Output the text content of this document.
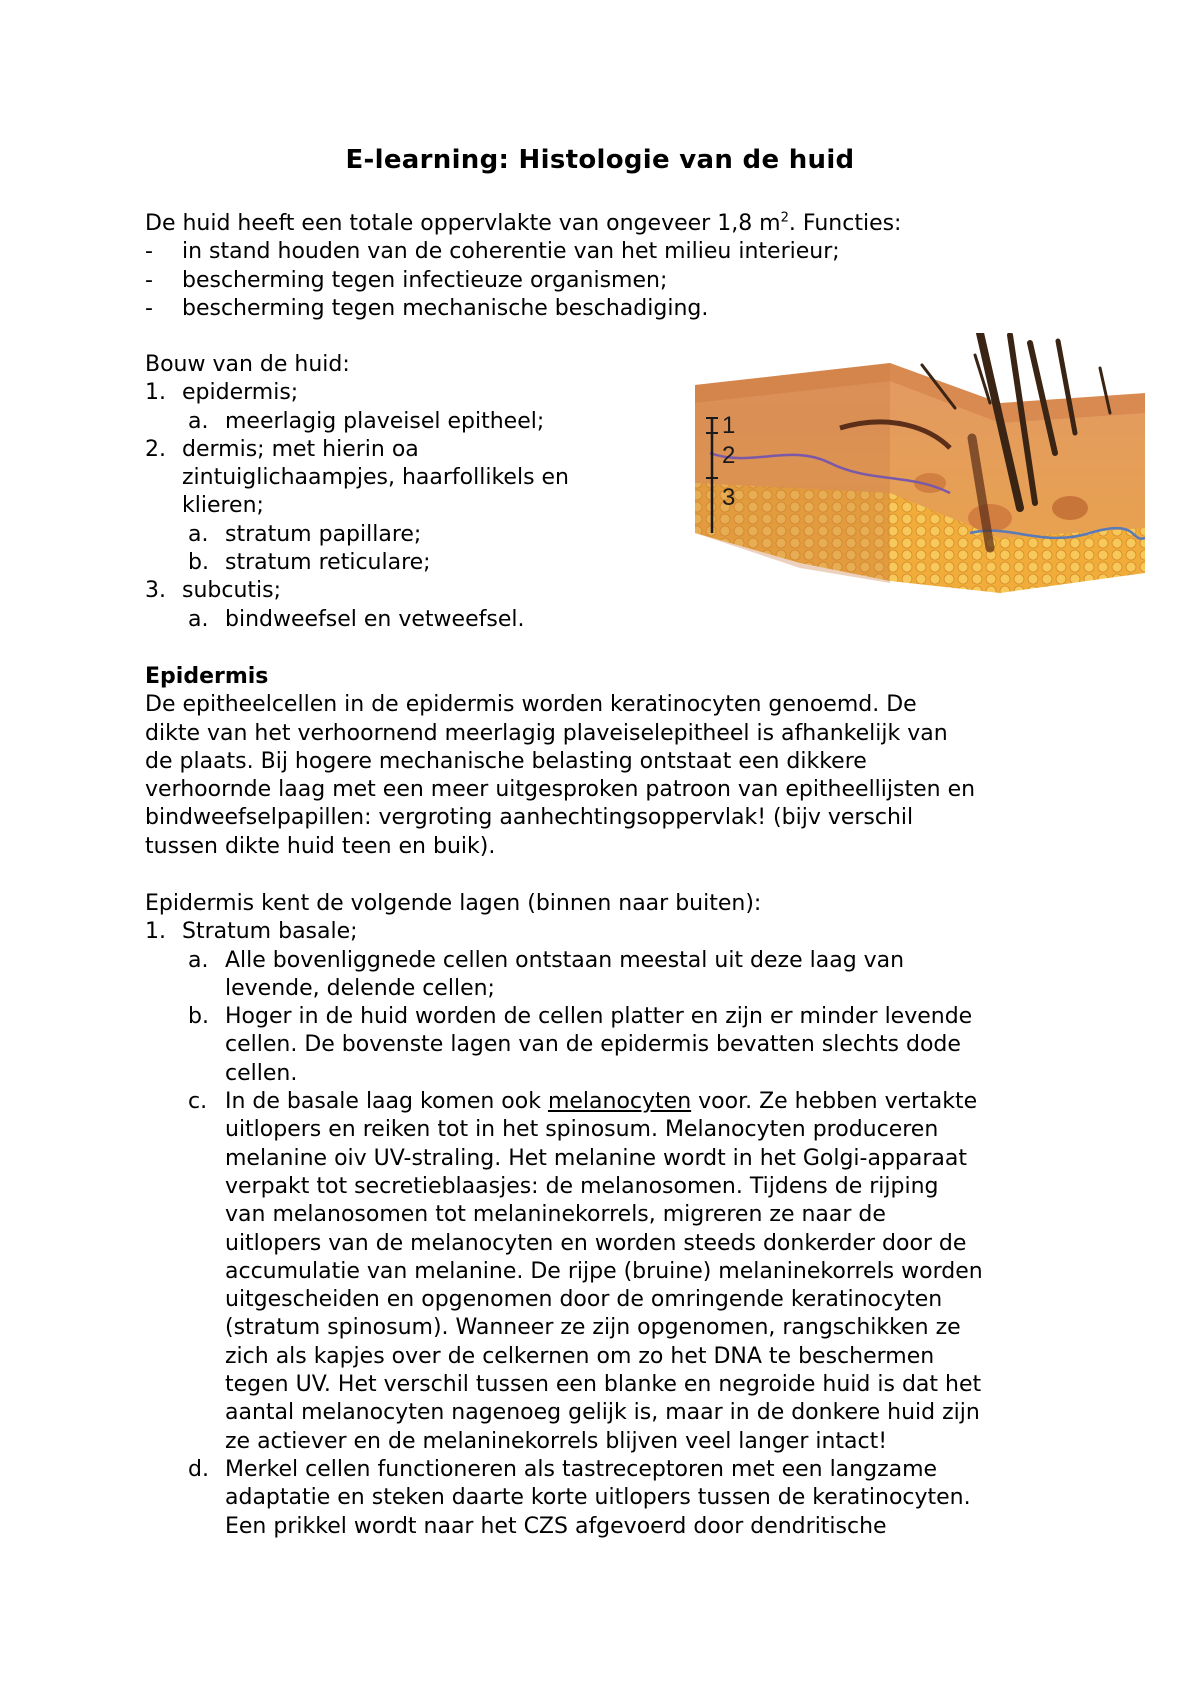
E-learning: Histologie van de huid
De huid heeft een totale oppervlakte van ongeveer 1,8 $m^2$. Functies:
- in stand houden van de coherentie van het milieu interieur;
- bescherming tegen infectieuze organismen;
- bescherming tegen mechanische beschadiging.
Bouw van de huid:
1. epidermis;
a. meerlagig plaveisel epitheel;
2. dermis; met hierin oa
zintuiglichaampjes, haarfollikels en
klieren;
a. stratum papillare;
b. stratum reticulare;
3. subcutis;
a. bindweefsel en vetweefsel.
1
2
3
Epidermis
De epitheelcellen in de epidermis worden keratinocyten genoemd. De
dikte van het verhoornend meerlagig plaveiselepitheel is afhankelijk van
de plaats. Bij hogere mechanische belasting ontstaat een dikkere
verhoornde laag met een meer uitgesproken patroon van epitheellijsten en
bindweefselpapillen: vergroting aanhechtingsoppervlak! (bijv verschil
tussen dikte huid teen en buik).
Epidermis kent de volgende lagen (binnen naar buiten):
1. Stratum basale;
a. Alle bovenliggnede cellen ontstaan meestal uit deze laag van
levende, delende cellen;
b. Hoger in de huid worden de cellen platter en zijn er minder levende
cellen. De bovenste lagen van de epidermis bevatten slechts dode
cellen.
c. In de basale laag komen ook melanocyten voor. Ze hebben vertakte
uitlopers en reiken tot in het spinosum. Melanocyten produceren
melanine oiv UV-straling. Het melanine wordt in het Golgi-apparaat
verpakt tot secretieblaasjes: de melanosomen. Tijdens de rijping
van melanosomen tot melaninekorrels, migreren ze naar de
uitlopers van de melanocyten en worden steeds donkerder door de
accumulatie van melanine. De rijpe (bruine) melaninekorrels worden
uitgescheiden en opgenomen door de omringende keratinocyten
(stratum spinosum). Wanneer ze zijn opgenomen, rangschikken ze
zich als kapjes over de celkernen om zo het DNA te beschermen
tegen UV. Het verschil tussen een blanke en negroide huid is dat het
aantal melanocyten nagenoeg gelijk is, maar in de donkere huid zijn
ze actiever en de melaninekorrels blijven veel langer intact!
d. Merkel cellen functioneren als tastreceptoren met een langzame
adaptatie en steken daarte korte uitlopers tussen de keratinocyten.
Een prikkel wordt naar het CZS afgevoerd door dendritische
